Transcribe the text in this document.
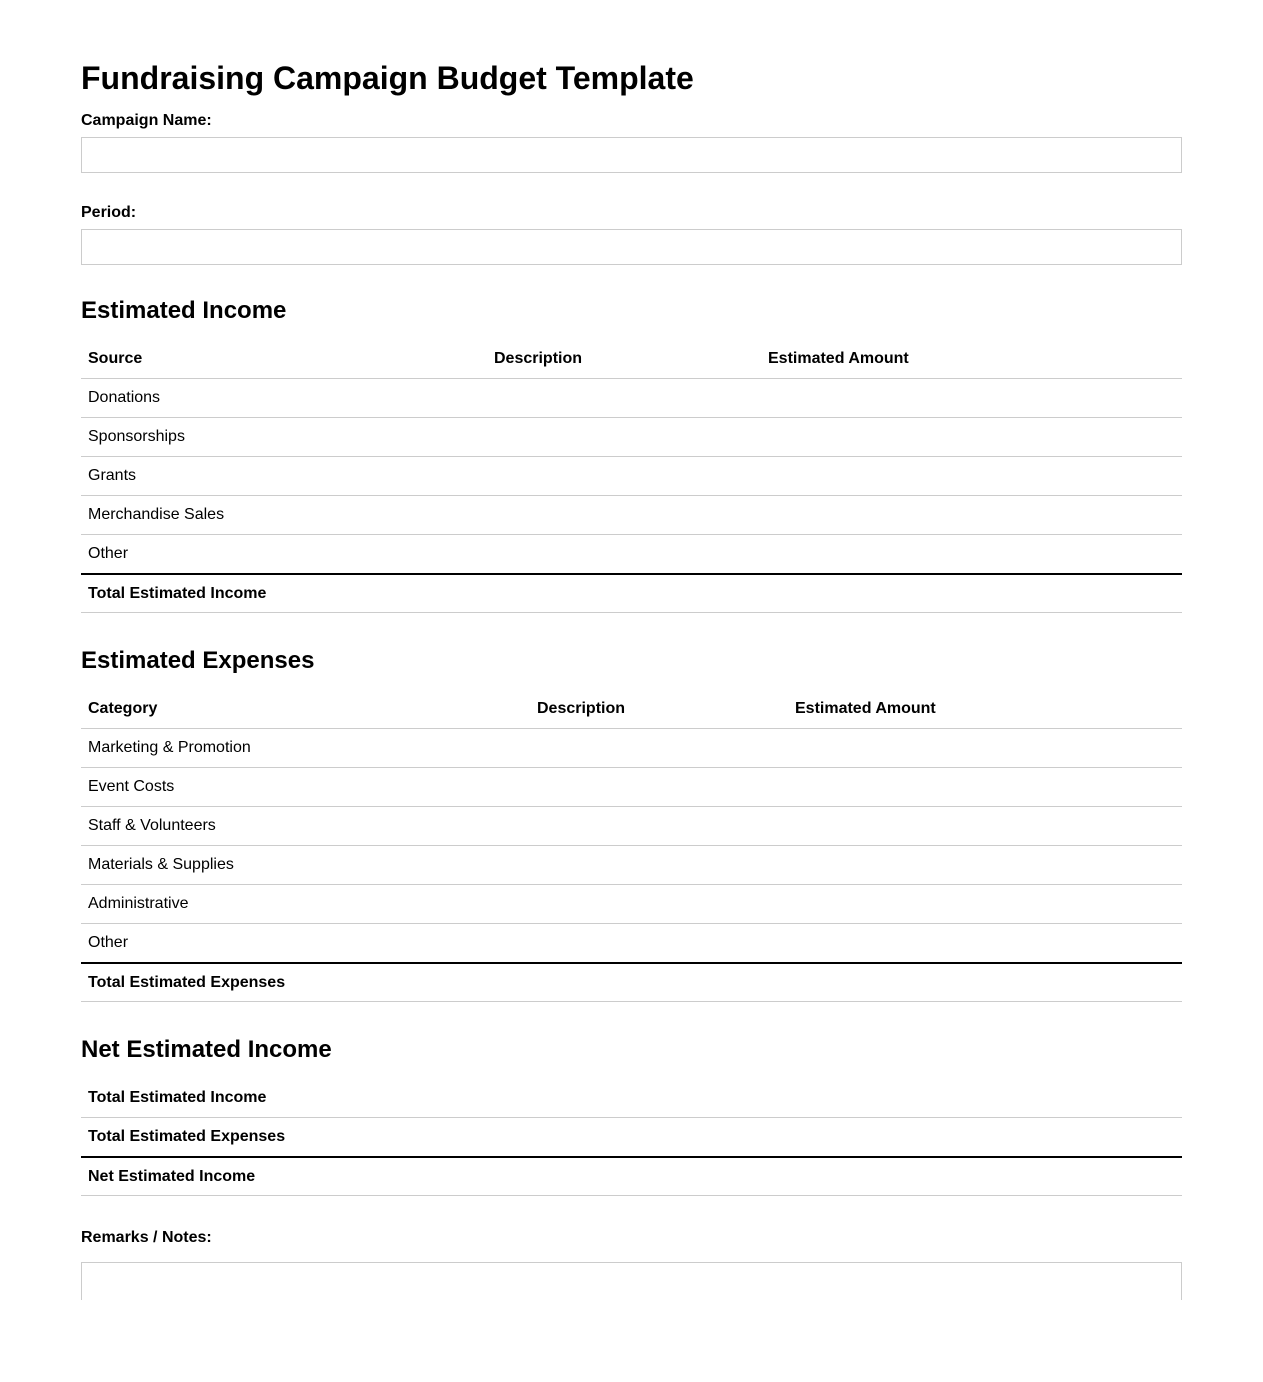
Fundraising Campaign Budget Template
Campaign Name:
Period:
Estimated Income
Source	Description	Estimated Amount
Donations		
Sponsorships		
Grants		
Merchandise Sales		
Other		
Total Estimated Income		
Estimated Expenses
Category	Description	Estimated Amount
Marketing & Promotion		
Event Costs		
Staff & Volunteers		
Materials & Supplies		
Administrative		
Other		
Total Estimated Expenses		
Net Estimated Income
Total Estimated Income	
Total Estimated Expenses	
Net Estimated Income	
Remarks / Notes:
